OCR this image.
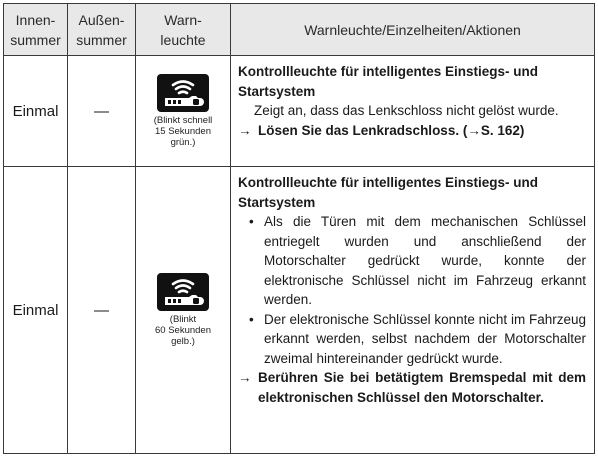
Innen-
summer
Außen-
summer
Warn-
leuchte
Warnleuchte/Einzelheiten/Aktionen
Einmal	—
(Blinkt schnell
15 Sekunden
grün.)
Kontrollleuchte für intelligentes Einstiegs- und Startsystem
Zeigt an, dass das Lenkschloss nicht gelöst wurde.
→ Lösen Sie das Lenkradschloss. (→S. 162)
Einmal	—
(Blinkt
60 Sekunden
gelb.)
Kontrollleuchte für intelligentes Einstiegs- und Startsystem
• Als die Türen mit dem mechanischen Schlüssel entriegelt wurden und anschließend der Motorschalter gedrückt wurde, konnte der elektronische Schlüssel nicht im Fahrzeug erkannt werden.
• Der elektronische Schlüssel konnte nicht im Fahrzeug erkannt werden, selbst nachdem der Motorschalter zweimal hintereinander gedrückt wurde.
→ Berühren Sie bei betätigtem Bremspedal mit dem elektronischen Schlüssel den Motorschalter.
